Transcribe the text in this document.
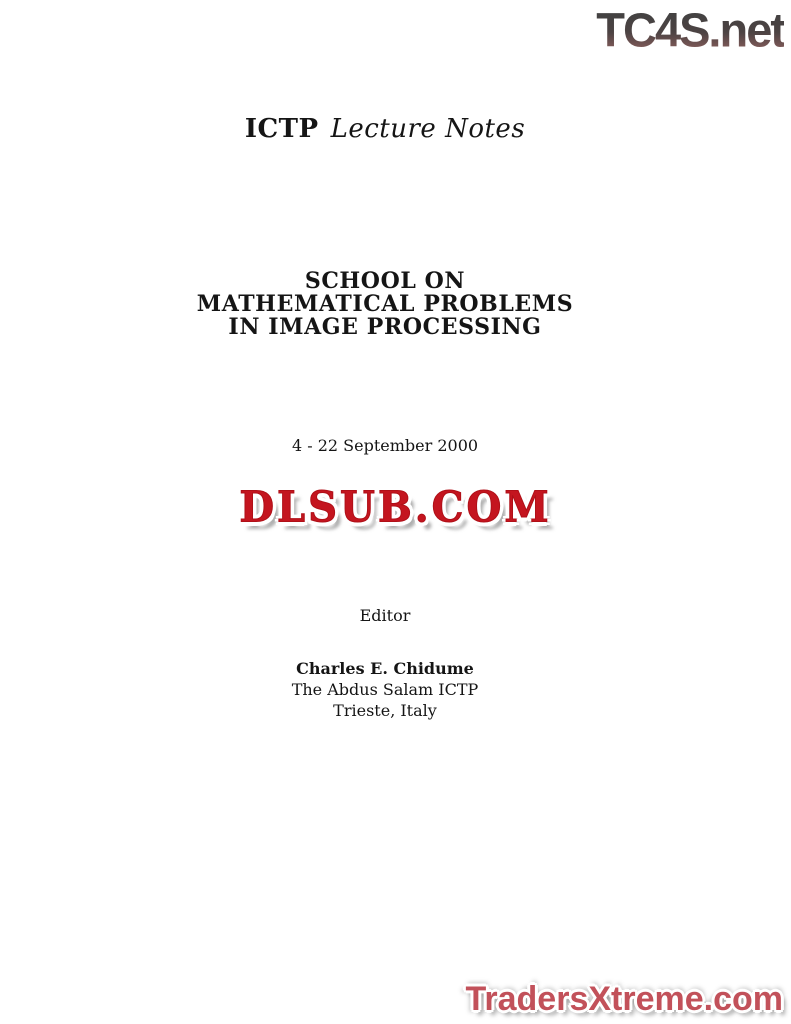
TC4S.net
ICTP Lecture Notes
SCHOOL ON
MATHEMATICAL PROBLEMS
IN IMAGE PROCESSING
4 - 22 September 2000
Editor
Charles E. Chidume
The Abdus Salam ICTP
Trieste, Italy
DLSUB.COM
TradersXtreme.com
